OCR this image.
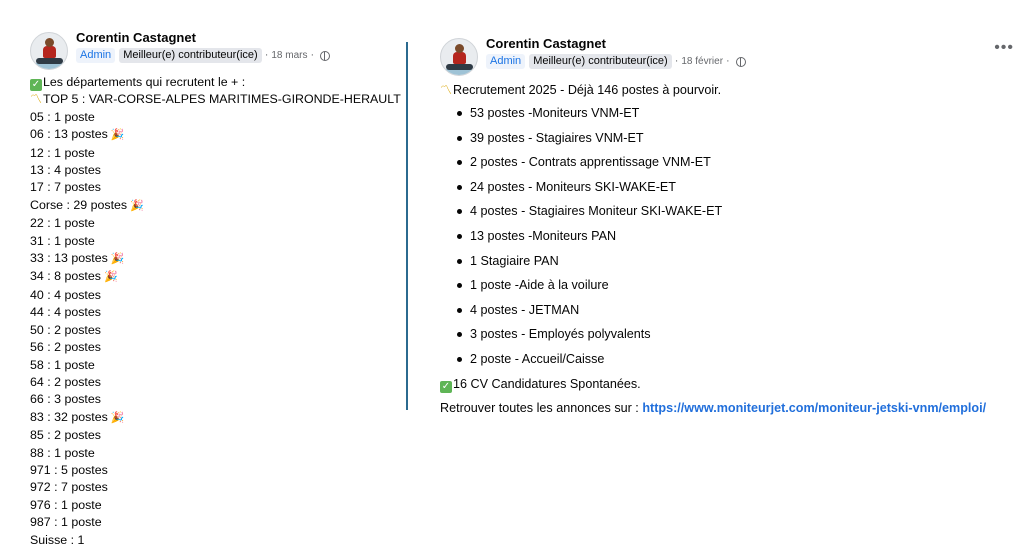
Corentin Castagnet
Admin	Meilleur(e) contributeur(ice) · 18 mars ·
✓ Les départements qui recrutent le + :
〽TOP 5 : VAR-CORSE-ALPES MARITIMES-GIRONDE-HERAULT
05 : 1 poste
06 : 13 postes 🎉
12 : 1 poste
13 : 4 postes
17 : 7 postes
Corse : 29 postes 🎉
22 : 1 poste
31 : 1 poste
33 : 13 postes 🎉
34 : 8 postes 🎉
40 : 4 postes
44 : 4 postes
50 : 2 postes
56 : 2 postes
58 : 1 poste
64 : 2 postes
66 : 3 postes
83 : 32 postes 🎉
85 : 2 postes
88 : 1 poste
971 : 5 postes
972 : 7 postes
976 : 1 poste
987 : 1 poste
Suisse : 1
Corentin Castagnet
Admin	Meilleur(e) contributeur(ice) · 18 février ·
〽Recrutement 2025 - Déjà 146 postes à pourvoir.
53 postes -Moniteurs VNM-ET
39 postes - Stagiaires VNM-ET
2 postes - Contrats apprentissage VNM-ET
24 postes - Moniteurs SKI-WAKE-ET
4 postes - Stagiaires Moniteur SKI-WAKE-ET
13 postes -Moniteurs PAN
1 Stagiaire PAN
1 poste -Aide à la voilure
4 postes - JETMAN
3 postes - Employés polyvalents
2 poste - Accueil/Caisse
✓ 16 CV Candidatures Spontanées.
Retrouver toutes les annonces sur : https://www.moniteurjet.com/moniteur-jetski-vnm/emploi/
•••
